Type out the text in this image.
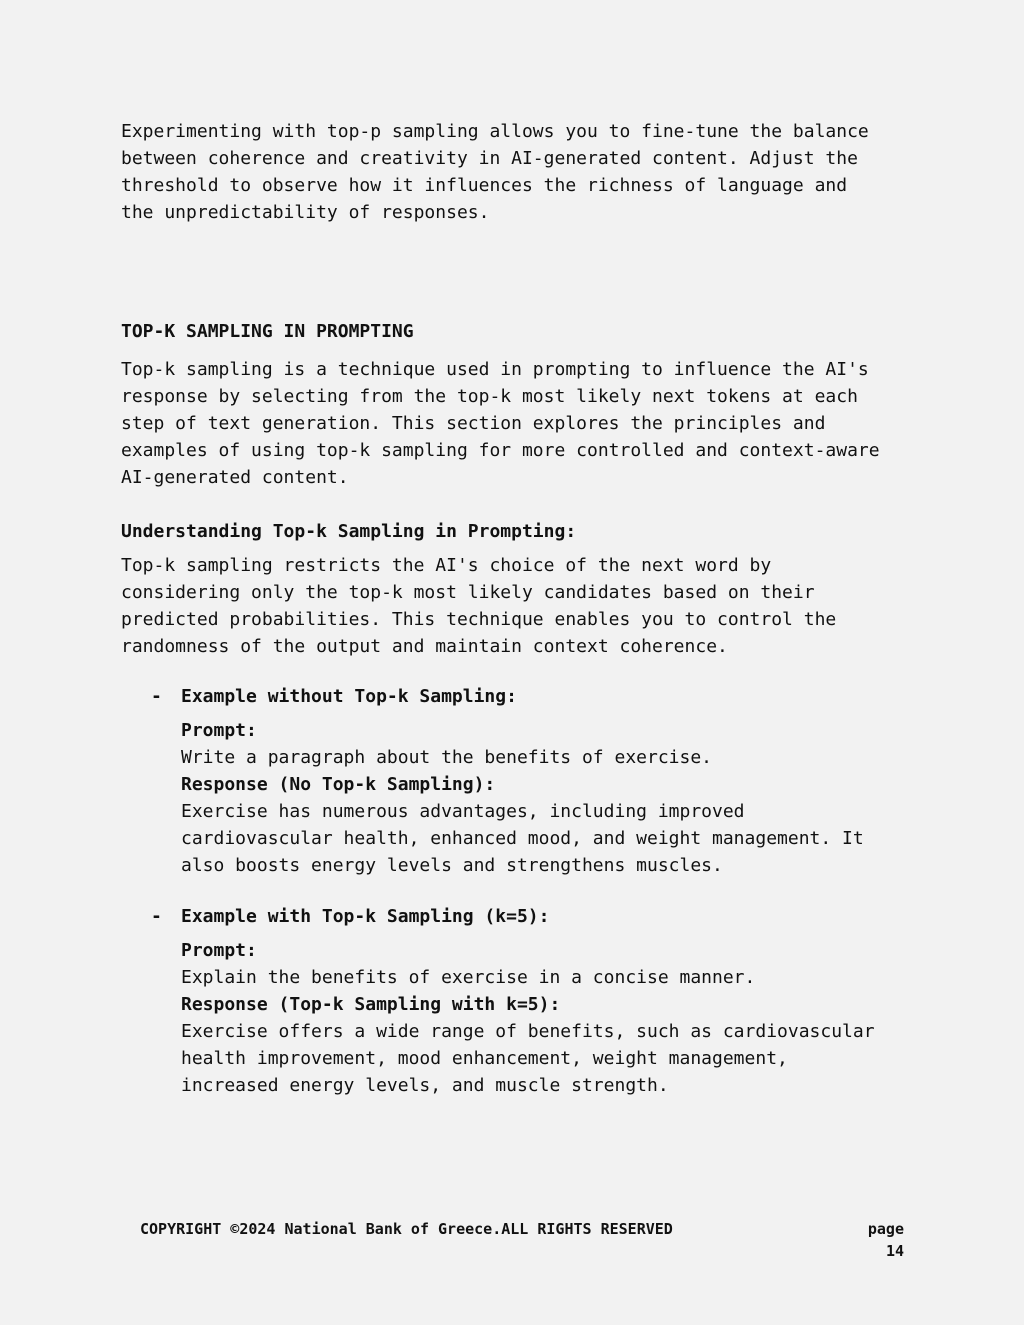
Experimenting with top-p sampling allows you to fine-tune the balance
between coherence and creativity in AI-generated content. Adjust the
threshold to observe how it influences the richness of language and
the unpredictability of responses.
TOP-K SAMPLING IN PROMPTING
Top-k sampling is a technique used in prompting to influence the AI's
response by selecting from the top-k most likely next tokens at each
step of text generation. This section explores the principles and
examples of using top-k sampling for more controlled and context-aware
AI-generated content.
Understanding Top-k Sampling in Prompting:
Top-k sampling restricts the AI's choice of the next word by
considering only the top-k most likely candidates based on their
predicted probabilities. This technique enables you to control the
randomness of the output and maintain context coherence.
- Example without Top-k Sampling:
Prompt:
Write a paragraph about the benefits of exercise.
Response (No Top-k Sampling):
Exercise has numerous advantages, including improved
cardiovascular health, enhanced mood, and weight management. It
also boosts energy levels and strengthens muscles.
- Example with Top-k Sampling (k=5):
Prompt:
Explain the benefits of exercise in a concise manner.
Response (Top-k Sampling with k=5):
Exercise offers a wide range of benefits, such as cardiovascular
health improvement, mood enhancement, weight management,
increased energy levels, and muscle strength.
COPYRIGHT ©2024 National Bank of Greece.ALL RIGHTS RESERVED	page
14
